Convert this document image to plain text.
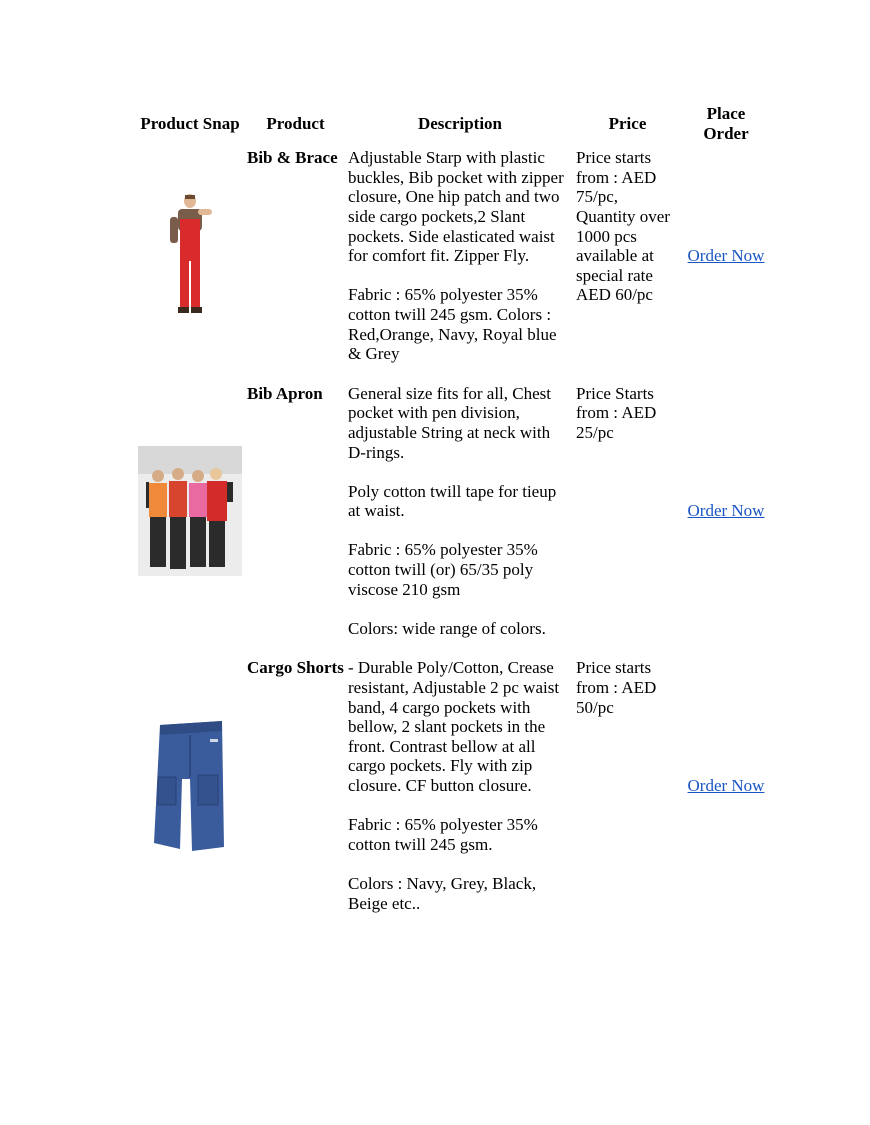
Product Snap	Product	Description	Price	Place Order

	Bib & Brace	Adjustable Starp with plastic buckles, Bib pocket with zipper closure, One hip patch and two side cargo pockets,2 Slant pockets. Side elasticated waist for comfort fit. Zipper Fly.
Fabric : 65% polyester 35% cotton twill 245 gsm. Colors : Red,Orange, Navy, Royal blue & Grey	Price starts from : AED 75/pc, Quantity over 1000 pcs available at special rate AED 60/pc	Order Now

	Bib Apron	General size fits for all, Chest pocket with pen division, adjustable String at neck with D-rings.
Poly cotton twill tape for tieup at waist.
Fabric : 65% polyester 35% cotton twill (or) 65/35 poly viscose 210 gsm
Colors: wide range of colors.	Price Starts from : AED 25/pc	Order Now

	Cargo Shorts	- Durable Poly/Cotton, Crease resistant, Adjustable 2 pc waist band, 4 cargo pockets with bellow, 2 slant pockets in the front. Contrast bellow at all cargo pockets. Fly with zip closure. CF button closure.
Fabric : 65% polyester 35% cotton twill 245 gsm.
Colors : Navy, Grey, Black, Beige etc..	Price starts from : AED 50/pc	Order Now
